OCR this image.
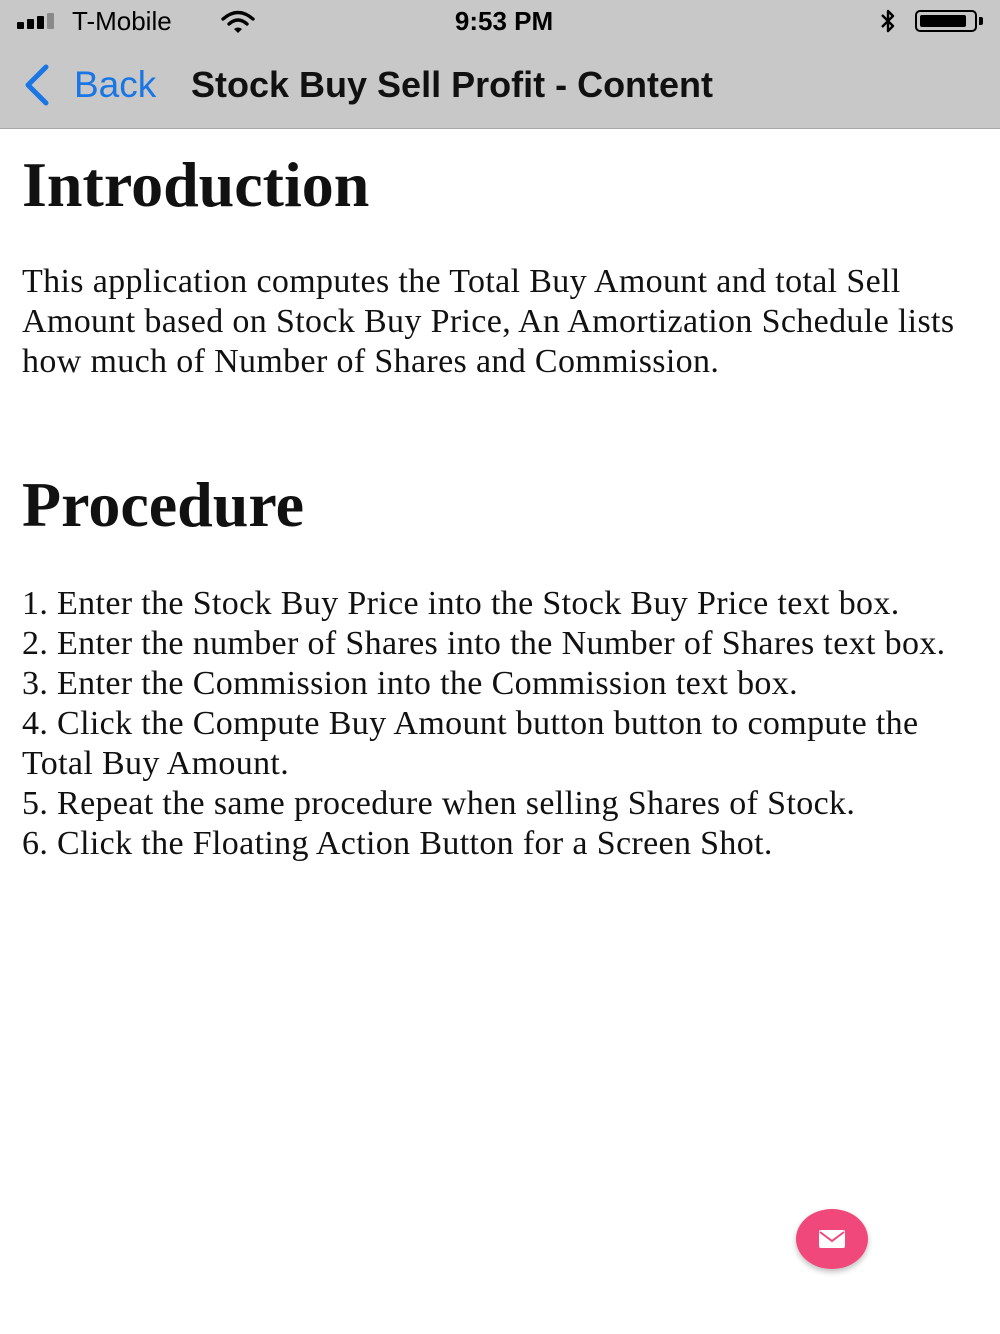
T-Mobile	9:53 PM
Back Stock Buy Sell Profit - Content
Introduction

This application computes the Total Buy Amount and total Sell Amount based on Stock Buy Price, An Amortization Schedule lists how much of Number of Shares and Commission.

Procedure
1. Enter the Stock Buy Price into the Stock Buy Price text box.
2. Enter the number of Shares into the Number of Shares text box.
3. Enter the Commission into the Commission text box.
4. Click the Compute Buy Amount button button to compute the Total Buy Amount.
5. Repeat the same procedure when selling Shares of Stock.
6. Click the Floating Action Button for a Screen Shot.
